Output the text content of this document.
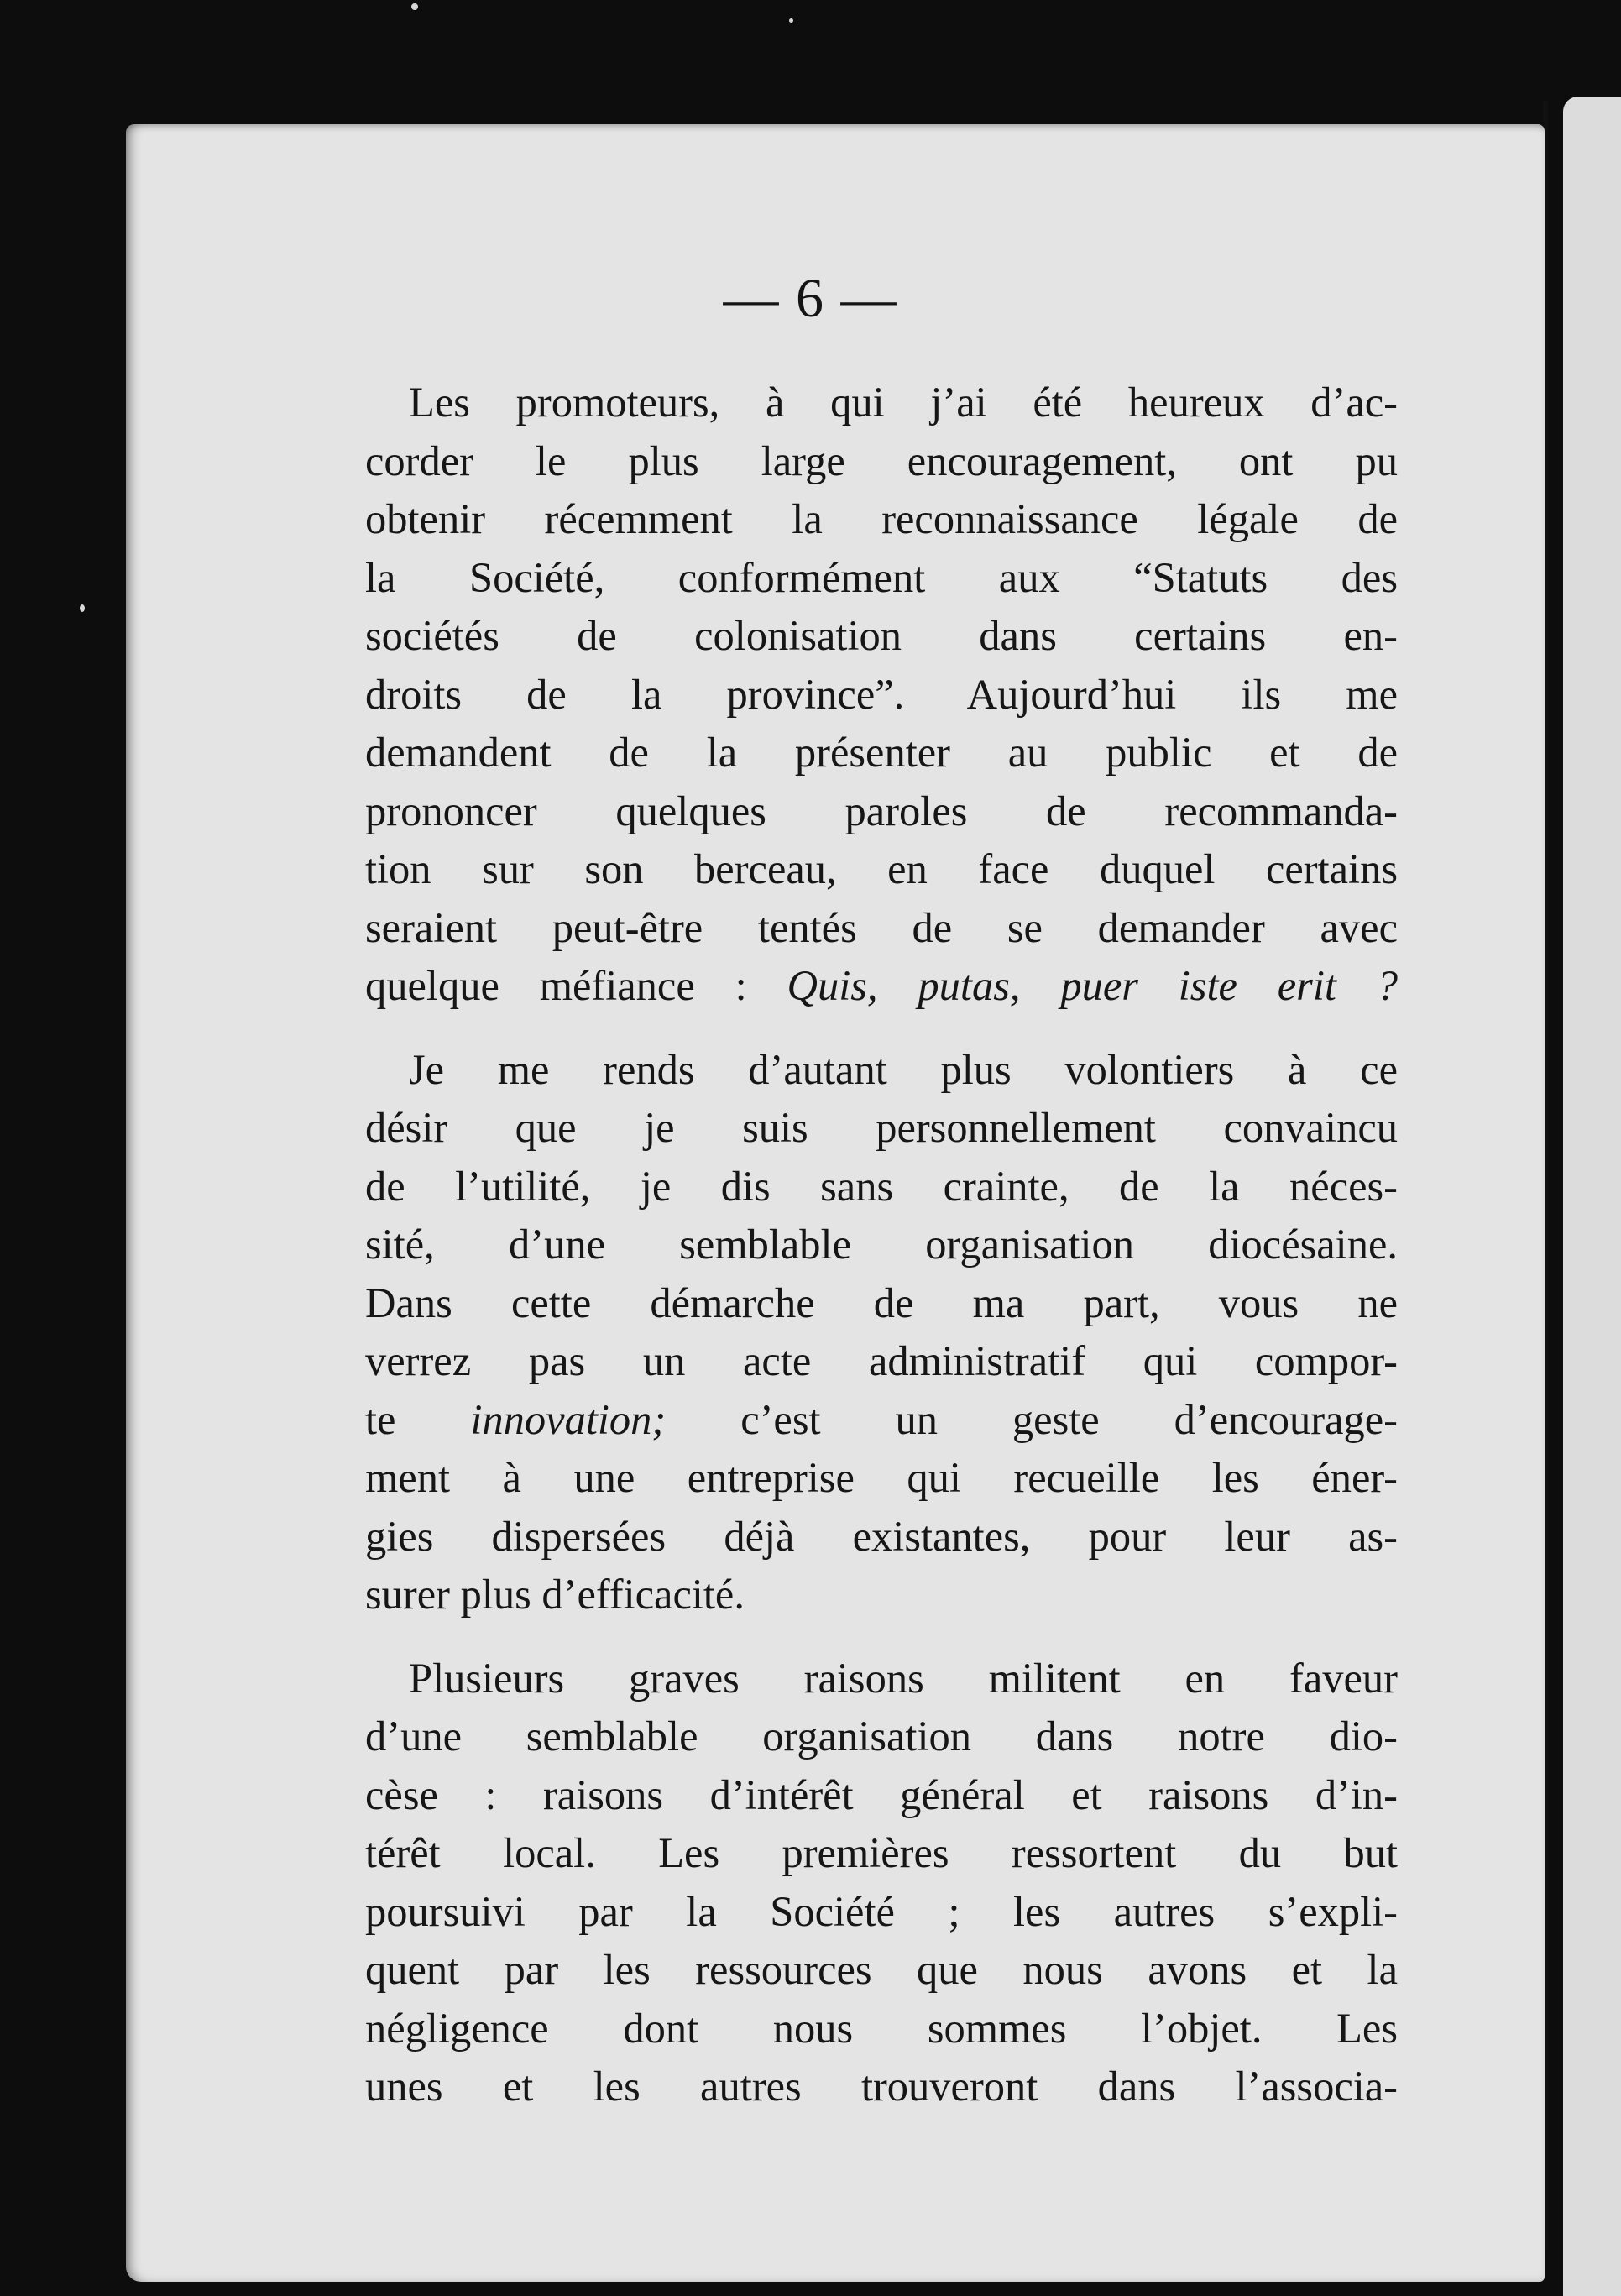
— 6 —
Les promoteurs, à qui j’ai été heureux d’ac-
corder le plus large encouragement, ont pu
obtenir récemment la reconnaissance légale de
la Société, conformément aux “Statuts des
sociétés de colonisation dans certains en-
droits de la province”. Aujourd’hui ils me
demandent de la présenter au public et de
prononcer quelques paroles de recommanda-
tion sur son berceau, en face duquel certains
seraient peut-être tentés de se demander avec
quelque méfiance : Quis, putas, puer iste erit ?
Je me rends d’autant plus volontiers à ce
désir que je suis personnellement convaincu
de l’utilité, je dis sans crainte, de la néces-
sité, d’une semblable organisation diocésaine.
Dans cette démarche de ma part, vous ne
verrez pas un acte administratif qui compor-
te innovation; c’est un geste d’encourage-
ment à une entreprise qui recueille les éner-
gies dispersées déjà existantes, pour leur as-
surer plus d’efficacité.
Plusieurs graves raisons militent en faveur
d’une semblable organisation dans notre dio-
cèse : raisons d’intérêt général et raisons d’in-
térêt local. Les premières ressortent du but
poursuivi par la Société ; les autres s’expli-
quent par les ressources que nous avons et la
négligence dont nous sommes l’objet. Les
unes et les autres trouveront dans l’associa-
